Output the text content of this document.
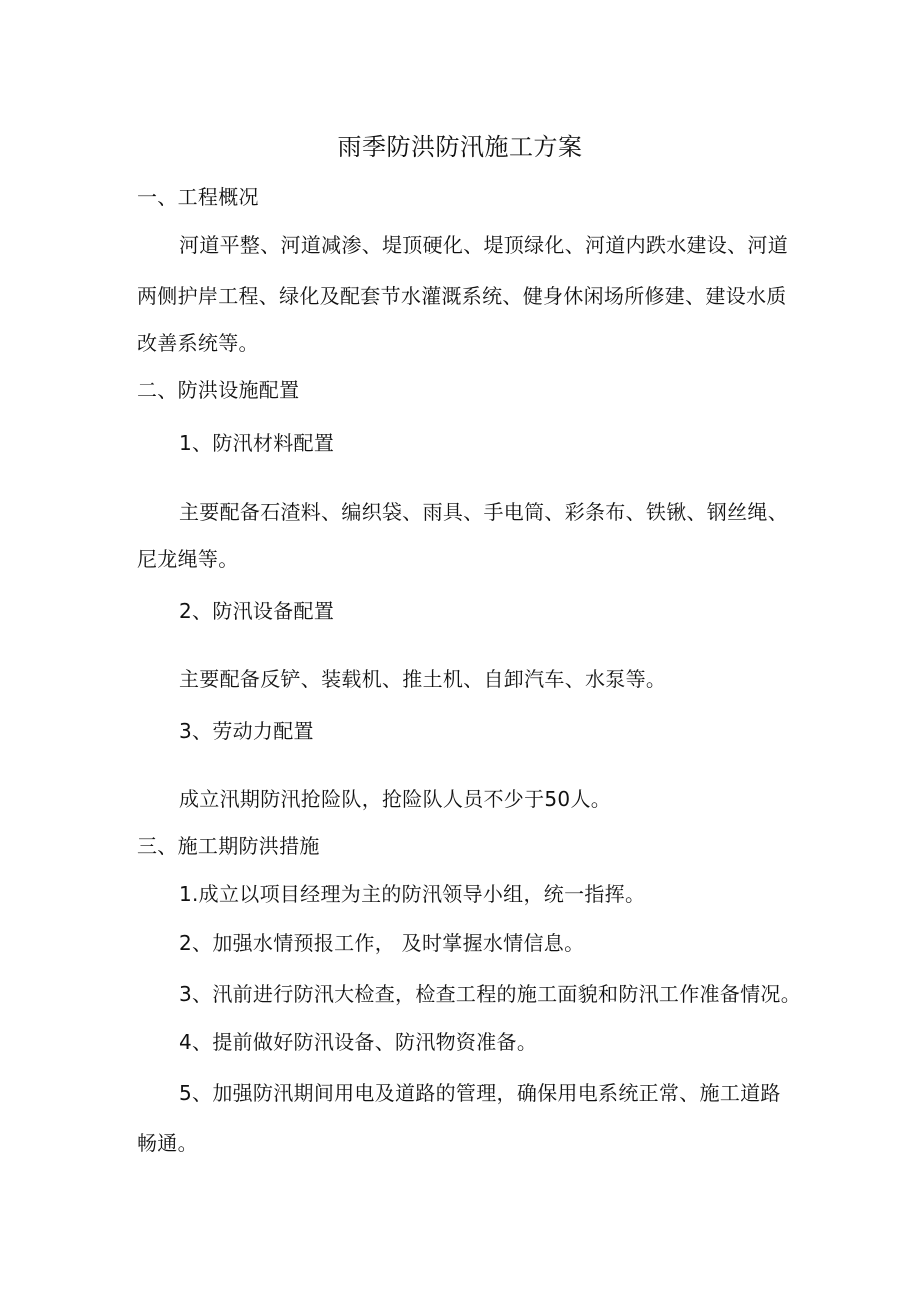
雨季防洪防汛施工方案
一、工程概况
河道平整、河道减渗、堤顶硬化、堤顶绿化、河道内跌水建设、河道
两侧护岸工程、绿化及配套节水灌溉系统、健身休闲场所修建、建设水质
改善系统等。
二、防洪设施配置
1、防汛材料配置
主要配备石渣料、编织袋、雨具、手电筒、彩条布、铁锹、钢丝绳、
尼龙绳等。
2、防汛设备配置
主要配备反铲、装载机、推土机、自卸汽车、水泵等。
3、劳动力配置
成立汛期防汛抢险队，抢险队人员不少于50人。
三、施工期防洪措施
1.成立以项目经理为主的防汛领导小组，统一指挥。
2、加强水情预报工作， 及时掌握水情信息。
3、汛前进行防汛大检查，检查工程的施工面貌和防汛工作准备情况。
4、提前做好防汛设备、防汛物资准备。
5、加强防汛期间用电及道路的管理，确保用电系统正常、施工道路
畅通。
